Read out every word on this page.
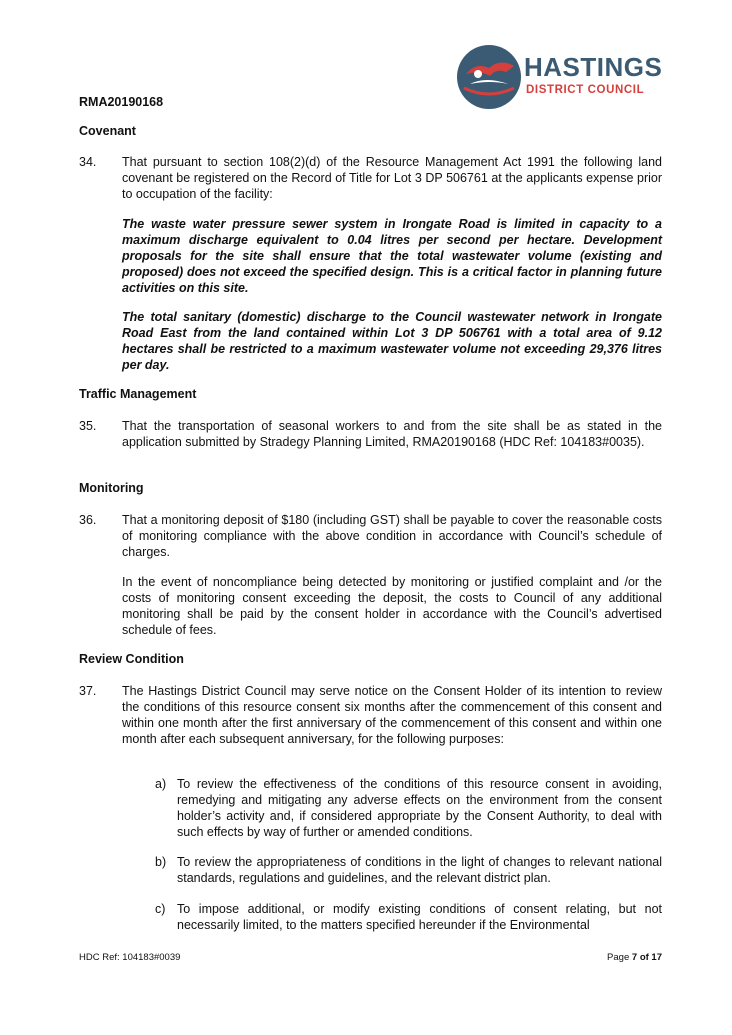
HASTINGS
DISTRICT COUNCIL
RMA20190168
Covenant
34. That pursuant to section 108(2)(d) of the Resource Management Act 1991 the following land covenant be registered on the Record of Title for Lot 3 DP 506761 at the applicants expense prior to occupation of the facility:
The waste water pressure sewer system in Irongate Road is limited in capacity to a maximum discharge equivalent to 0.04 litres per second per hectare. Development proposals for the site shall ensure that the total wastewater volume (existing and proposed) does not exceed the specified design. This is a critical factor in planning future activities on this site.
The total sanitary (domestic) discharge to the Council wastewater network in Irongate Road East from the land contained within Lot 3 DP 506761 with a total area of 9.12 hectares shall be restricted to a maximum wastewater volume not exceeding 29,376 litres per day.
Traffic Management
35. That the transportation of seasonal workers to and from the site shall be as stated in the application submitted by Stradegy Planning Limited, RMA20190168 (HDC Ref: 104183#0035).
Monitoring
36. That a monitoring deposit of $180 (including GST) shall be payable to cover the reasonable costs of monitoring compliance with the above condition in accordance with Council’s schedule of charges.
In the event of noncompliance being detected by monitoring or justified complaint and /or the costs of monitoring consent exceeding the deposit, the costs to Council of any additional monitoring shall be paid by the consent holder in accordance with the Council’s advertised schedule of fees.
Review Condition
37. The Hastings District Council may serve notice on the Consent Holder of its intention to review the conditions of this resource consent six months after the commencement of this consent and within one month after the first anniversary of the commencement of this consent and within one month after each subsequent anniversary, for the following purposes:
a) To review the effectiveness of the conditions of this resource consent in avoiding, remedying and mitigating any adverse effects on the environment from the consent holder’s activity and, if considered appropriate by the Consent Authority, to deal with such effects by way of further or amended conditions.
b) To review the appropriateness of conditions in the light of changes to relevant national standards, regulations and guidelines, and the relevant district plan.
c) To impose additional, or modify existing conditions of consent relating, but not necessarily limited, to the matters specified hereunder if the Environmental
HDC Ref: 104183#0039	Page 7 of 17
